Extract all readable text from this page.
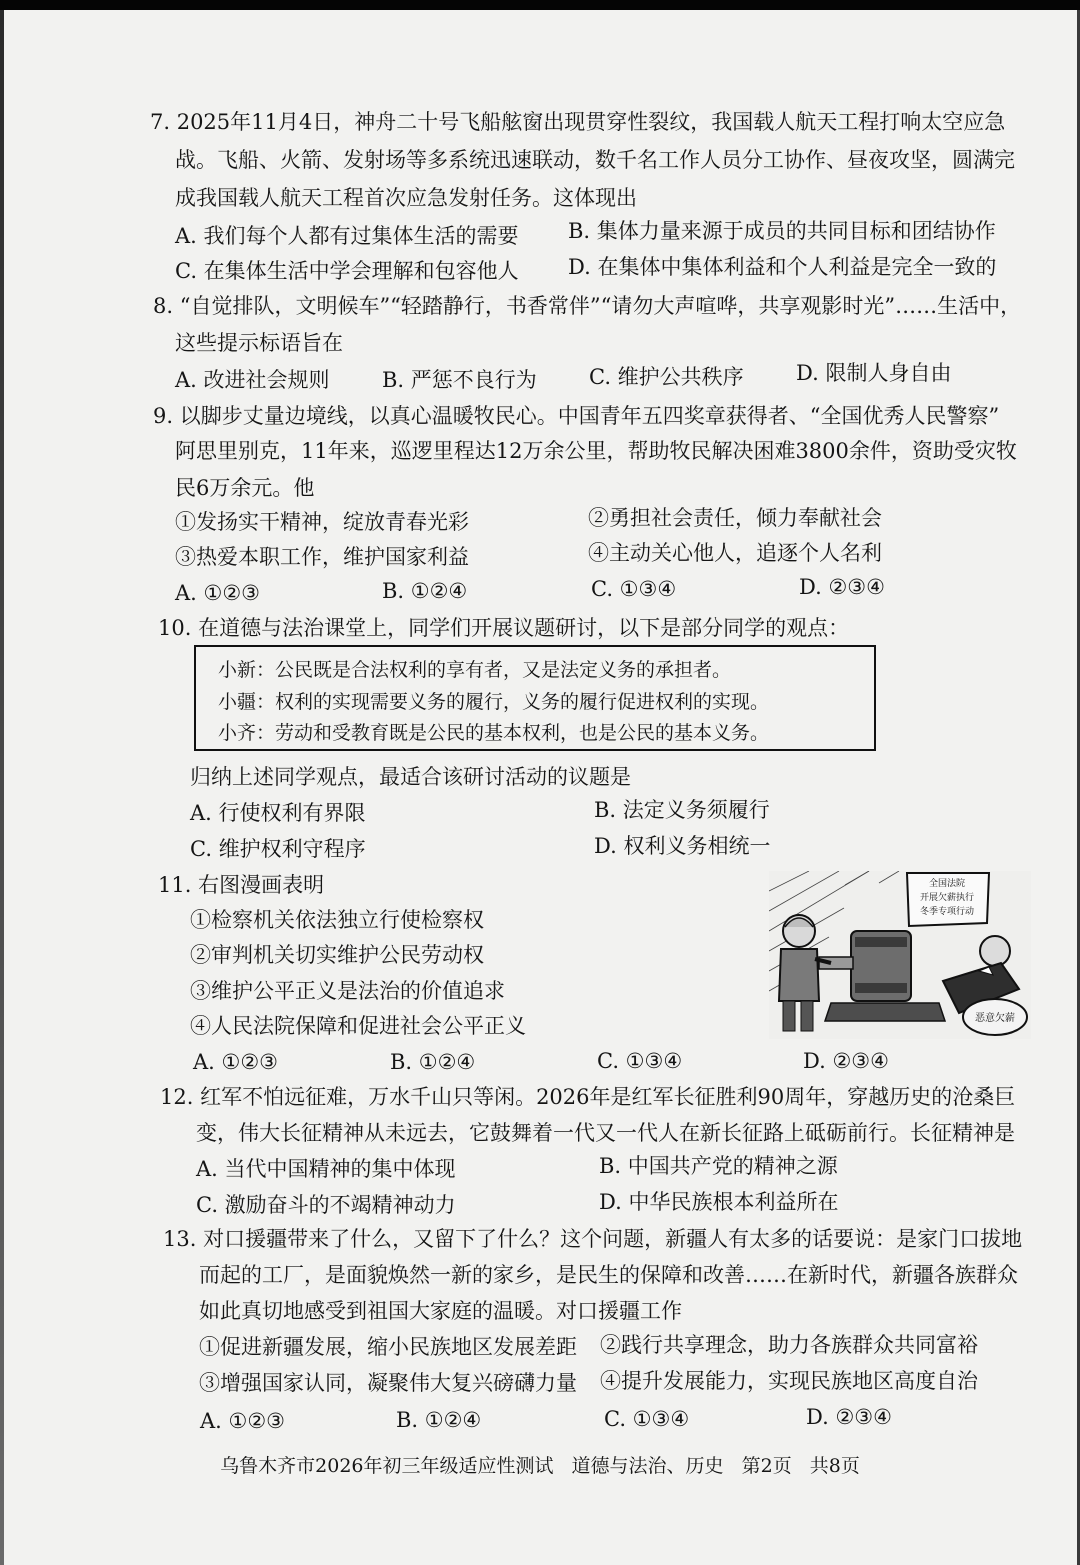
7. 2025年11月4日，神舟二十号飞船舷窗出现贯穿性裂纹，我国载人航天工程打响太空应急
战。飞船、火箭、发射场等多系统迅速联动，数千名工作人员分工协作、昼夜攻坚，圆满完
成我国载人航天工程首次应急发射任务。这体现出
A. 我们每个人都有过集体生活的需要 B. 集体力量来源于成员的共同目标和团结协作
C. 在集体生活中学会理解和包容他人 D. 在集体中集体利益和个人利益是完全一致的
8. “自觉排队，文明候车”“轻踏静行，书香常伴”“请勿大声喧哗，共享观影时光”……生活中，
这些提示标语旨在
A. 改进社会规则 B. 严惩不良行为 C. 维护公共秩序 D. 限制人身自由
9. 以脚步丈量边境线，以真心温暖牧民心。中国青年五四奖章获得者、“全国优秀人民警察”
阿思里别克，11年来，巡逻里程达12万余公里，帮助牧民解决困难3800余件，资助受灾牧
民6万余元。他
①发扬实干精神，绽放青春光彩	②勇担社会责任，倾力奉献社会
③热爱本职工作，维护国家利益	④主动关心他人，追逐个人名利
A. ①②③	B. ①②④	C. ①③④	D. ②③④
10. 在道德与法治课堂上，同学们开展议题研讨，以下是部分同学的观点：
小新：公民既是合法权利的享有者，又是法定义务的承担者。
小疆：权利的实现需要义务的履行，义务的履行促进权利的实现。
小齐：劳动和受教育既是公民的基本权利，也是公民的基本义务。
归纳上述同学观点，最适合该研讨活动的议题是
A. 行使权利有界限	B. 法定义务须履行
C. 维护权利守程序	D. 权利义务相统一
11. 右图漫画表明
①检察机关依法独立行使检察权
②审判机关切实维护公民劳动权
③维护公平正义是法治的价值追求
④人民法院保障和促进社会公平正义
A. ①②③	B. ①②④	C. ①③④	D. ②③④
全国法院
开展欠薪执行
冬季专项行动
恶意欠薪
12. 红军不怕远征难，万水千山只等闲。2026年是红军长征胜利90周年，穿越历史的沧桑巨
变，伟大长征精神从未远去，它鼓舞着一代又一代人在新长征路上砥砺前行。长征精神是
A. 当代中国精神的集中体现	B. 中国共产党的精神之源
C. 激励奋斗的不竭精神动力	D. 中华民族根本利益所在
13. 对口援疆带来了什么，又留下了什么？这个问题，新疆人有太多的话要说：是家门口拔地
而起的工厂，是面貌焕然一新的家乡，是民生的保障和改善……在新时代，新疆各族群众
如此真切地感受到祖国大家庭的温暖。对口援疆工作
①促进新疆发展，缩小民族地区发展差距 ②践行共享理念，助力各族群众共同富裕
③增强国家认同，凝聚伟大复兴磅礴力量 ④提升发展能力，实现民族地区高度自治
A. ①②③	B. ①②④	C. ①③④	D. ②③④
乌鲁木齐市2026年初三年级适应性测试 道德与法治、历史 第2页 共8页
